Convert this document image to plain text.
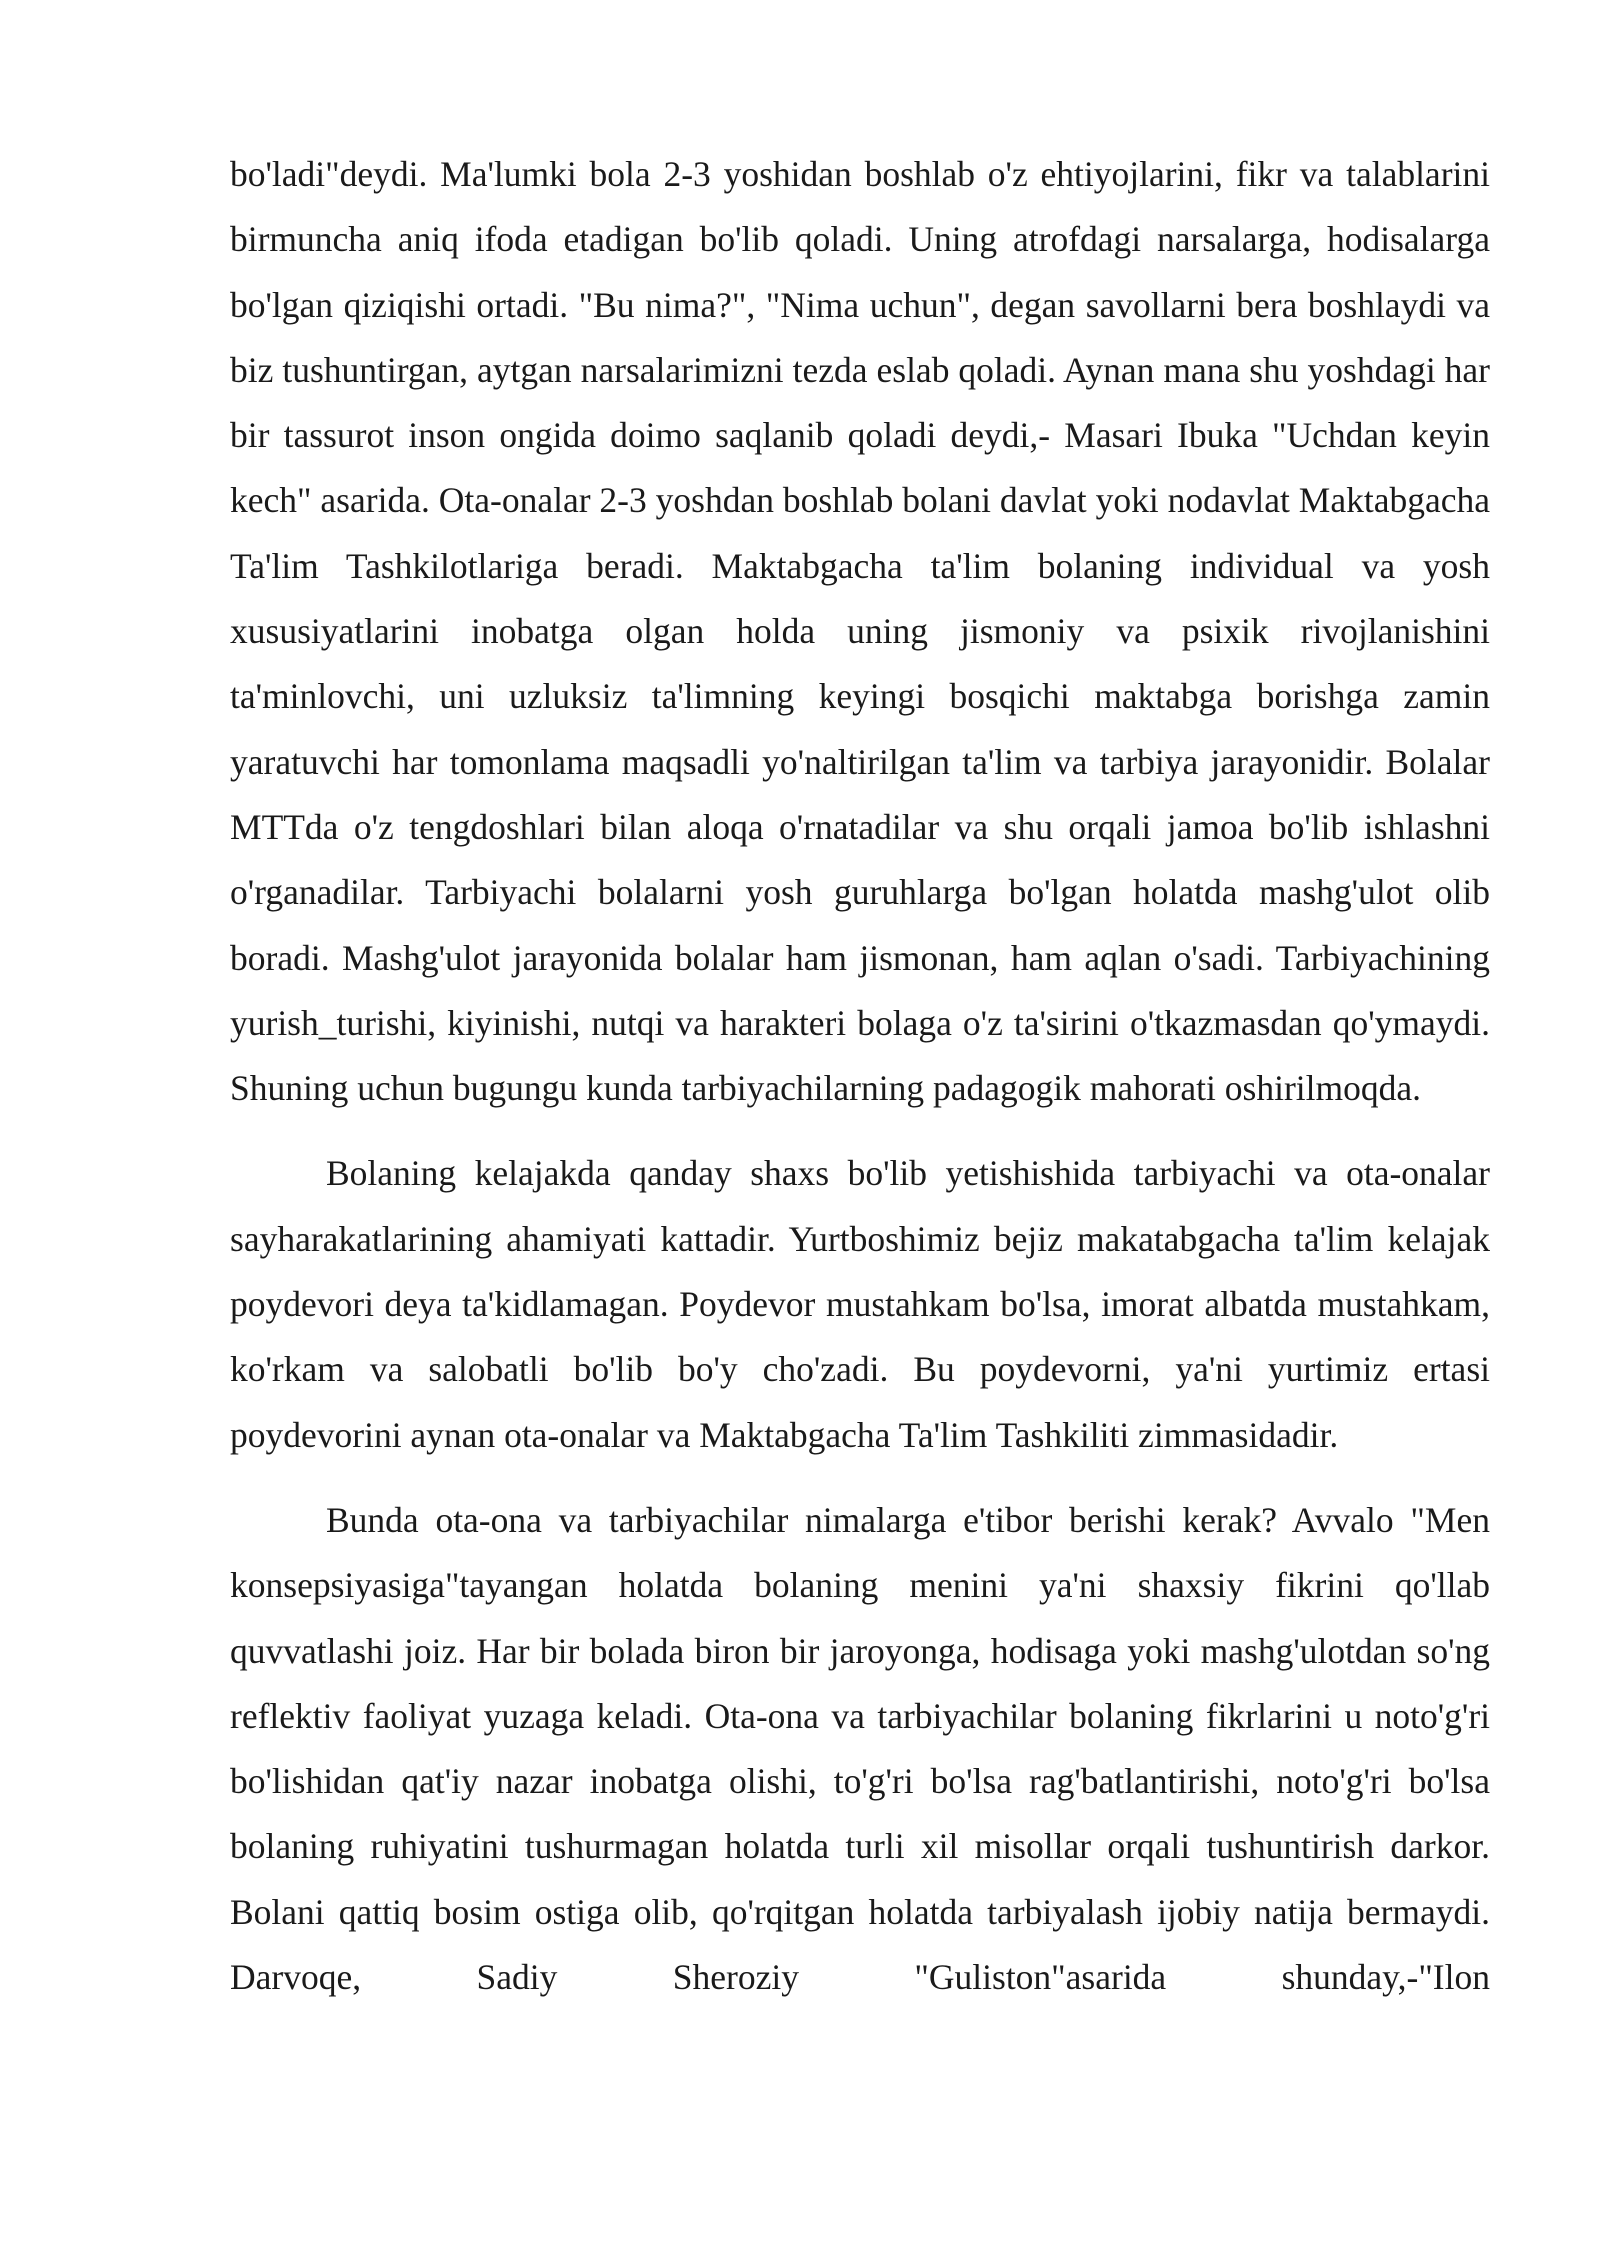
bo'ladi"deydi. Ma'lumki bola 2-3 yoshidan boshlab o'z ehtiyojlarini, fikr va talablarini birmuncha aniq ifoda etadigan bo'lib qoladi. Uning atrofdagi narsalarga, hodisalarga bo'lgan qiziqishi ortadi. "Bu nima?", "Nima uchun", degan savollarni bera boshlaydi va biz tushuntirgan, aytgan narsalarimizni tezda eslab qoladi. Aynan mana shu yoshdagi har bir tassurot inson ongida doimo saqlanib qoladi deydi,- Masari Ibuka "Uchdan keyin kech" asarida. Ota-onalar 2-3 yoshdan boshlab bolani davlat yoki nodavlat Maktabgacha Ta'lim Tashkilotlariga beradi. Maktabgacha ta'lim bolaning individual va yosh xususiyatlarini inobatga olgan holda uning jismoniy va psixik rivojlanishini ta'minlovchi, uni uzluksiz ta'limning keyingi bosqichi maktabga borishga zamin yaratuvchi har tomonlama maqsadli yo'naltirilgan ta'lim va tarbiya jarayonidir. Bolalar MTTda o'z tengdoshlari bilan aloqa o'rnatadilar va shu orqali jamoa bo'lib ishlashni o'rganadilar. Tarbiyachi bolalarni yosh guruhlarga bo'lgan holatda mashg'ulot olib boradi. Mashg'ulot jarayonida bolalar ham jismonan, ham aqlan o'sadi. Tarbiyachining yurish_turishi, kiyinishi, nutqi va harakteri bolaga o'z ta'sirini o'tkazmasdan qo'ymaydi. Shuning uchun bugungu kunda tarbiyachilarning padagogik mahorati oshirilmoqda.

Bolaning kelajakda qanday shaxs bo'lib yetishishida tarbiyachi va ota-onalar sayharakatlarining ahamiyati kattadir. Yurtboshimiz bejiz makatabgacha ta'lim kelajak poydevori deya ta'kidlamagan. Poydevor mustahkam bo'lsa, imorat albatda mustahkam, ko'rkam va salobatli bo'lib bo'y cho'zadi. Bu poydevorni, ya'ni yurtimiz ertasi poydevorini aynan ota-onalar va Maktabgacha Ta'lim Tashkiliti zimmasidadir.

Bunda ota-ona va tarbiyachilar nimalarga e'tibor berishi kerak? Avvalo "Men konsepsiyasiga"tayangan holatda bolaning menini ya'ni shaxsiy fikrini qo'llab quvvatlashi joiz. Har bir bolada biron bir jaroyonga, hodisaga yoki mashg'ulotdan so'ng reflektiv faoliyat yuzaga keladi. Ota-ona va tarbiyachilar bolaning fikrlarini u noto'g'ri bo'lishidan qat'iy nazar inobatga olishi, to'g'ri bo'lsa rag'batlantirishi, noto'g'ri bo'lsa bolaning ruhiyatini tushurmagan holatda turli xil misollar orqali tushuntirish darkor. Bolani qattiq bosim ostiga olib, qo'rqitgan holatda tarbiyalash ijobiy natija bermaydi. Darvoqe, Sadiy Sheroziy "Guliston"asarida shunday,-"Ilon
